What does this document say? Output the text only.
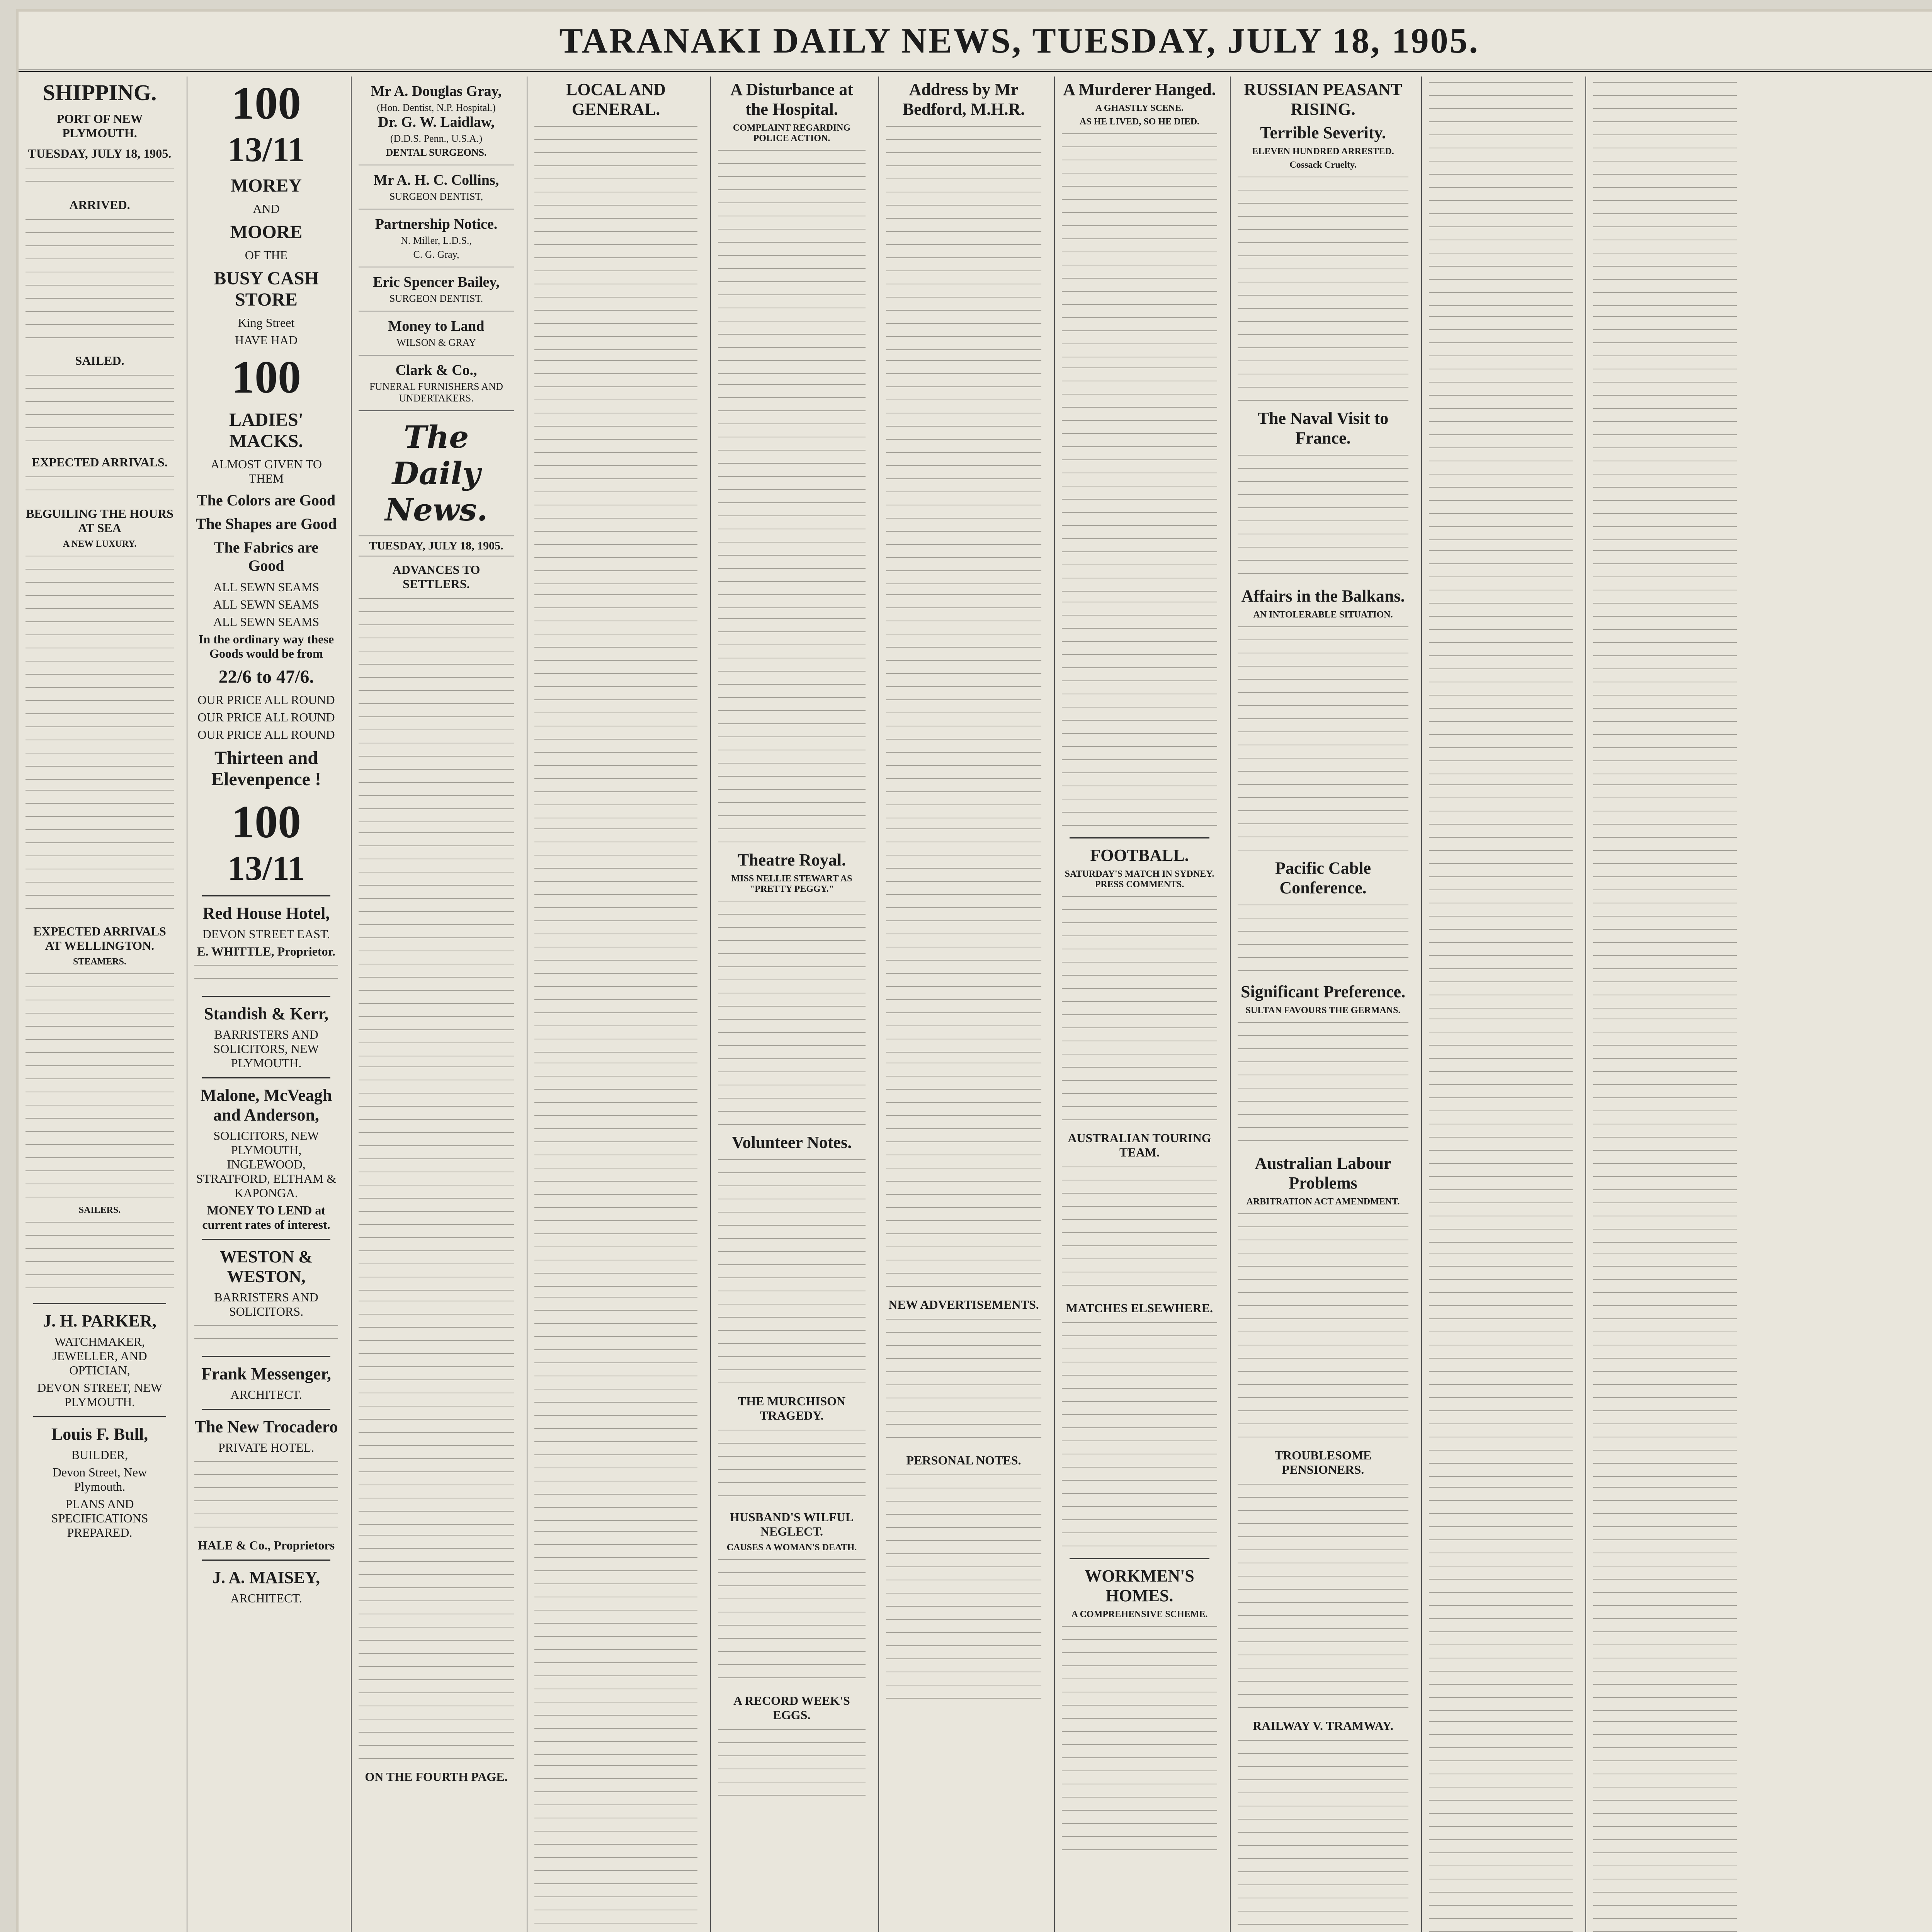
TARANAKI DAILY NEWS, TUESDAY, JULY 18, 1905.
SHIPPING.
PORT OF NEW PLYMOUTH.
TUESDAY, JULY 18, 1905.
ARRIVED.
SAILED.
EXPECTED ARRIVALS.
BEGUILING THE HOURS AT SEA
A NEW LUXURY.
EXPECTED ARRIVALS AT WELLINGTON.
STEAMERS.
SAILERS.
J. H. PARKER,
WATCHMAKER, JEWELLER, AND OPTICIAN,
DEVON STREET, NEW PLYMOUTH.
Louis F. Bull,
BUILDER,
Devon Street, New Plymouth.
PLANS AND SPECIFICATIONS PREPARED.
100
13/11
MOREY
AND
MOORE
OF THE
BUSY CASH STORE
King Street
HAVE HAD
100
LADIES' MACKS.
ALMOST GIVEN TO THEM
The Colors are Good
The Shapes are Good
The Fabrics are Good
ALL SEWN SEAMS
ALL SEWN SEAMS
ALL SEWN SEAMS
In the ordinary way these Goods would be from
22/6 to 47/6.
OUR PRICE ALL ROUND
OUR PRICE ALL ROUND
OUR PRICE ALL ROUND
Thirteen and Elevenpence !
100
13/11
Red House Hotel,
DEVON STREET EAST.
E. WHITTLE, Proprietor.
Standish & Kerr,
BARRISTERS AND SOLICITORS, NEW PLYMOUTH.
Malone, McVeagh and Anderson,
SOLICITORS, NEW PLYMOUTH, INGLEWOOD, STRATFORD, ELTHAM & KAPONGA.
MONEY TO LEND at current rates of interest.
WESTON & WESTON,
BARRISTERS AND SOLICITORS.
Frank Messenger,
ARCHITECT.
The New Trocadero
PRIVATE HOTEL.
HALE & Co., Proprietors
J. A. MAISEY,
ARCHITECT.
Mr A. Douglas Gray,
(Hon. Dentist, N.P. Hospital.)
Dr. G. W. Laidlaw,
(D.D.S. Penn., U.S.A.)
DENTAL SURGEONS.
Mr A. H. C. Collins,
SURGEON DENTIST,
Partnership Notice.
N. Miller, L.D.S.,
C. G. Gray,
Eric Spencer Bailey,
SURGEON DENTIST.
Money to Land
WILSON & GRAY
Clark & Co.,
FUNERAL FURNISHERS AND UNDERTAKERS.
The Daily News.
TUESDAY, JULY 18, 1905.
ADVANCES TO SETTLERS.
ON THE FOURTH PAGE.
LOCAL AND GENERAL.
A Disturbance at the Hospital.
COMPLAINT REGARDING POLICE ACTION.
Theatre Royal.
MISS NELLIE STEWART AS "PRETTY PEGGY."
Volunteer Notes.
THE MURCHISON TRAGEDY.
HUSBAND'S WILFUL NEGLECT.
CAUSES A WOMAN'S DEATH.
A RECORD WEEK'S EGGS.
Address by Mr Bedford, M.H.R.
NEW ADVERTISEMENTS.
PERSONAL NOTES.
A Murderer Hanged.
A GHASTLY SCENE.
AS HE LIVED, SO HE DIED.
FOOTBALL.
SATURDAY'S MATCH IN SYDNEY. PRESS COMMENTS.
AUSTRALIAN TOURING TEAM.
MATCHES ELSEWHERE.
WORKMEN'S HOMES.
A COMPREHENSIVE SCHEME.
RUSSIAN PEASANT RISING.
Terrible Severity.
ELEVEN HUNDRED ARRESTED.
Cossack Cruelty.
The Naval Visit to France.
Affairs in the Balkans.
AN INTOLERABLE SITUATION.
Pacific Cable Conference.
Significant Preference.
SULTAN FAVOURS THE GERMANS.
Australian Labour Problems
ARBITRATION ACT AMENDMENT.
TROUBLESOME PENSIONERS.
RAILWAY V. TRAMWAY.
